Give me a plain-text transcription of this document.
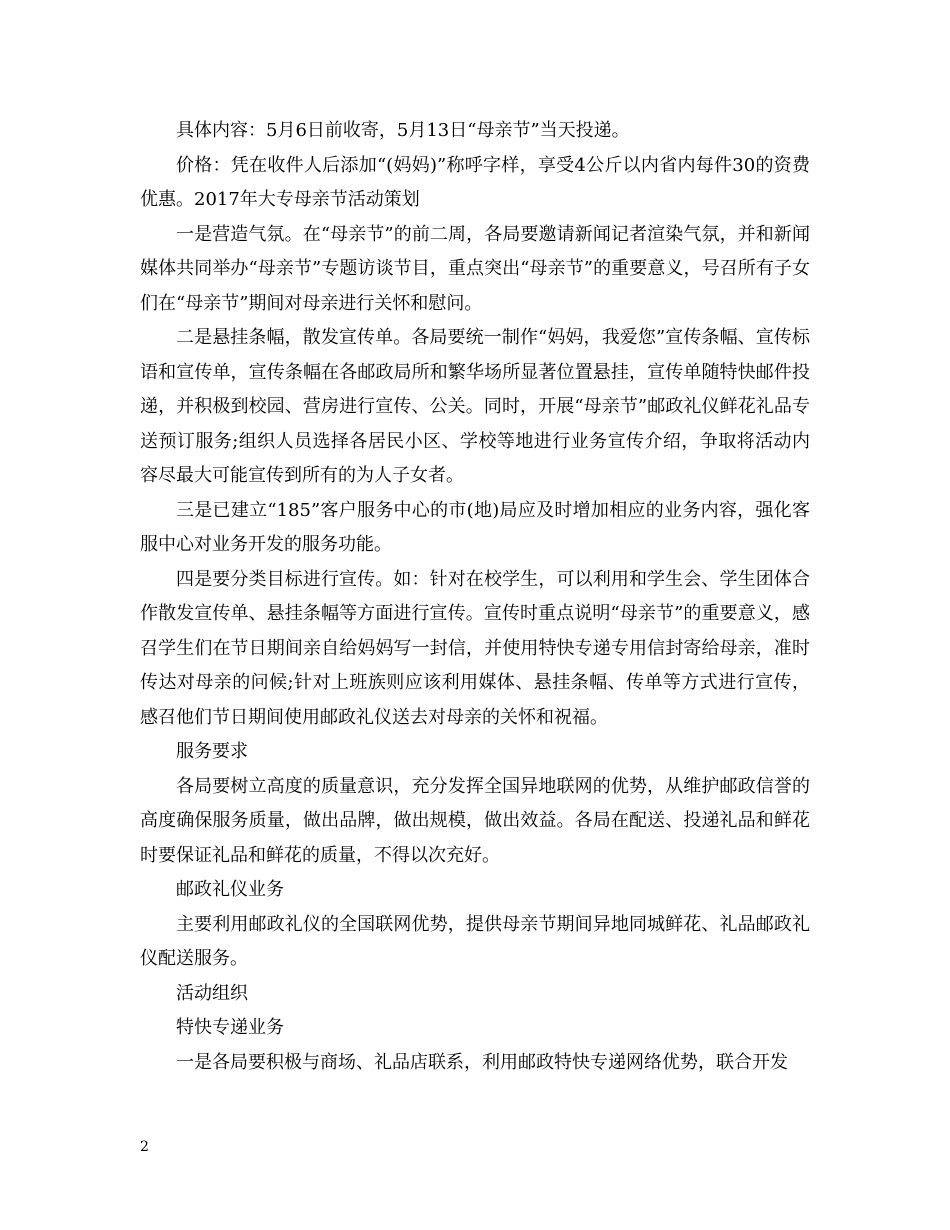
具体内容：5月6日前收寄，5月13日“母亲节”当天投递。

价格：凭在收件人后添加“(妈妈)”称呼字样，享受4公斤以内省内每件30的资费优惠。2017年大专母亲节活动策划

一是营造气氛。在“母亲节”的前二周，各局要邀请新闻记者渲染气氛，并和新闻媒体共同举办“母亲节”专题访谈节目，重点突出“母亲节”的重要意义，号召所有子女们在“母亲节”期间对母亲进行关怀和慰问。

二是悬挂条幅，散发宣传单。各局要统一制作“妈妈，我爱您”宣传条幅、宣传标语和宣传单，宣传条幅在各邮政局所和繁华场所显著位置悬挂，宣传单随特快邮件投递，并积极到校园、营房进行宣传、公关。同时，开展“母亲节”邮政礼仪鲜花礼品专送预订服务;组织人员选择各居民小区、学校等地进行业务宣传介绍，争取将活动内容尽最大可能宣传到所有的为人子女者。

三是已建立“185”客户服务中心的市(地)局应及时增加相应的业务内容，强化客服中心对业务开发的服务功能。

四是要分类目标进行宣传。如：针对在校学生，可以利用和学生会、学生团体合作散发宣传单、悬挂条幅等方面进行宣传。宣传时重点说明“母亲节”的重要意义，感召学生们在节日期间亲自给妈妈写一封信，并使用特快专递专用信封寄给母亲，准时传达对母亲的问候;针对上班族则应该利用媒体、悬挂条幅、传单等方式进行宣传，感召他们节日期间使用邮政礼仪送去对母亲的关怀和祝福。

服务要求

各局要树立高度的质量意识，充分发挥全国异地联网的优势，从维护邮政信誉的高度确保服务质量，做出品牌，做出规模，做出效益。各局在配送、投递礼品和鲜花时要保证礼品和鲜花的质量，不得以次充好。

邮政礼仪业务

主要利用邮政礼仪的全国联网优势，提供母亲节期间异地同城鲜花、礼品邮政礼仪配送服务。

活动组织

特快专递业务

一是各局要积极与商场、礼品店联系，利用邮政特快专递网络优势，联合开发

2
